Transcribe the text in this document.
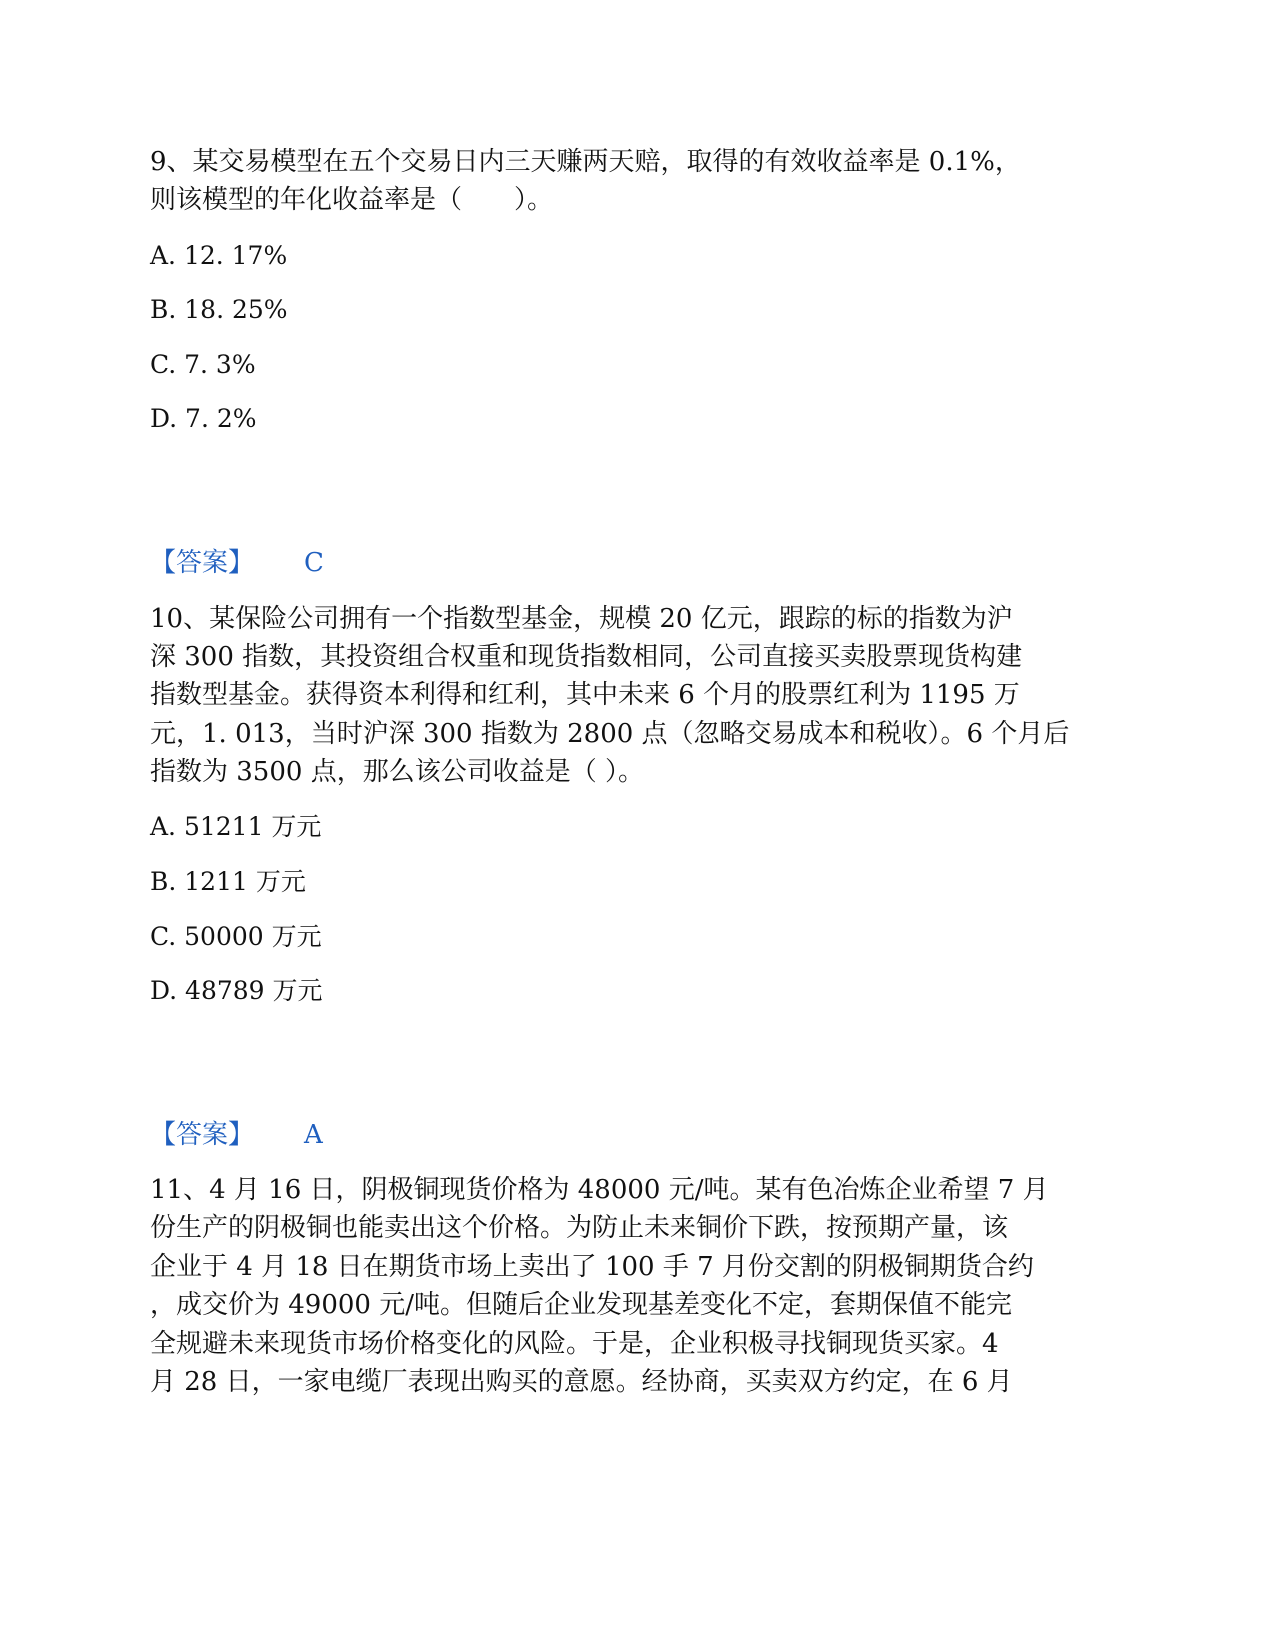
9、某交易模型在五个交易日内三天赚两天赔，取得的有效收益率是 0.1%，
则该模型的年化收益率是（　　）。
A. 12. 17%
B. 18. 25%
C. 7. 3%
D. 7. 2%
【答案】 C
10、某保险公司拥有一个指数型基金，规模 20 亿元，跟踪的标的指数为沪
深 300 指数，其投资组合权重和现货指数相同，公司直接买卖股票现货构建
指数型基金。获得资本利得和红利，其中未来 6 个月的股票红利为 1195 万
元，1. 013，当时沪深 300 指数为 2800 点（忽略交易成本和税收）。6 个月后
指数为 3500 点，那么该公司收益是（ ）。
A. 51211 万元
B. 1211 万元
C. 50000 万元
D. 48789 万元
【答案】 A
11、4 月 16 日，阴极铜现货价格为 48000 元/吨。某有色冶炼企业希望 7 月
份生产的阴极铜也能卖出这个价格。为防止未来铜价下跌，按预期产量，该
企业于 4 月 18 日在期货市场上卖出了 100 手 7 月份交割的阴极铜期货合约
，成交价为 49000 元/吨。但随后企业发现基差变化不定，套期保值不能完
全规避未来现货市场价格变化的风险。于是，企业积极寻找铜现货买家。4
月 28 日，一家电缆厂表现出购买的意愿。经协商，买卖双方约定，在 6 月
